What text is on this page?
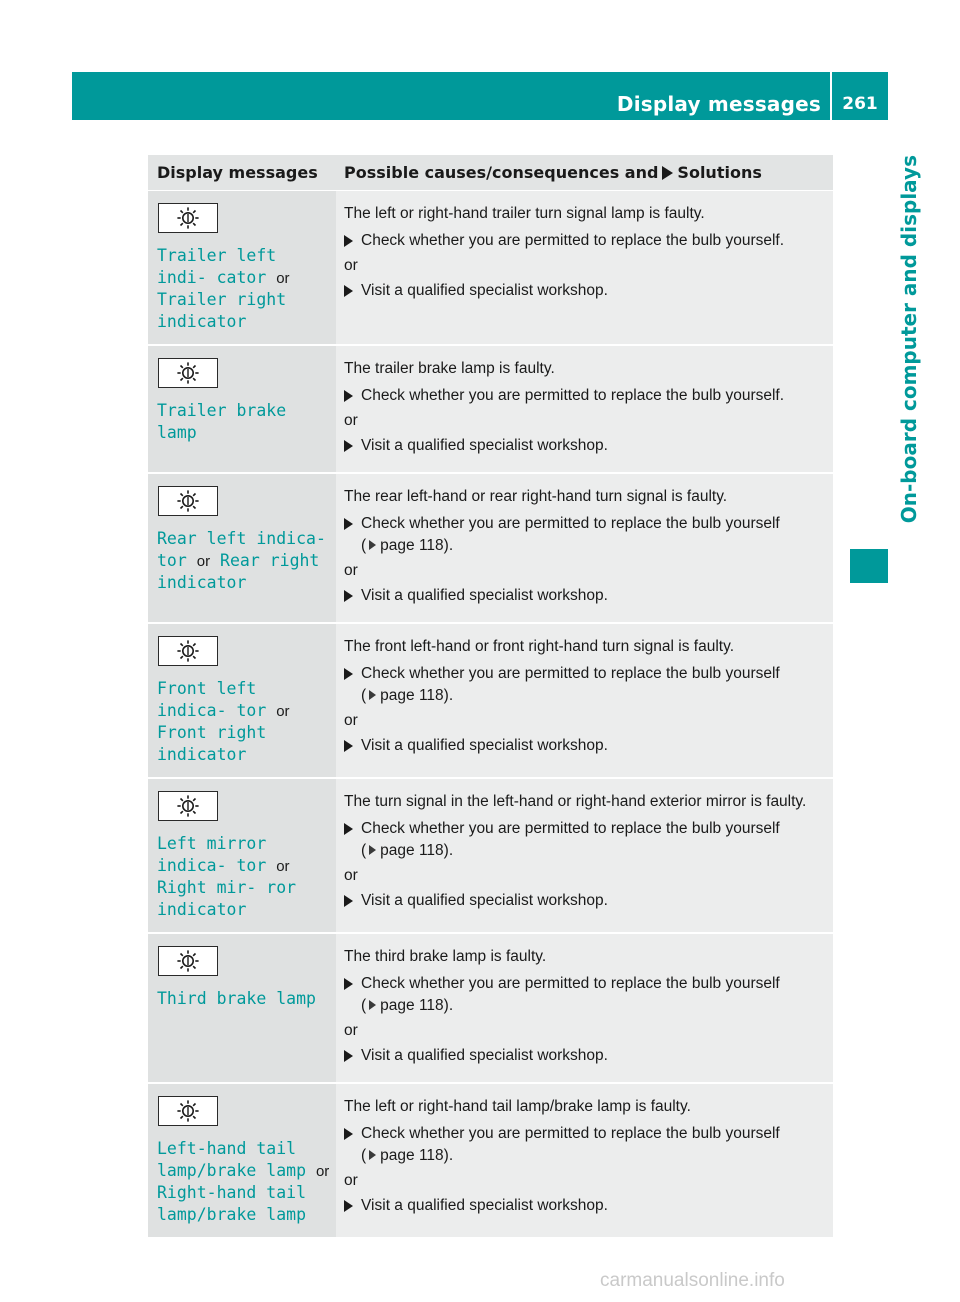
Display messages	261
On-board computer and displays
Display messages	Possible causes/consequences and Solutions
Trailer left indi- cator or Trailer right indicator
The left or right-hand trailer turn signal lamp is faulty.
Check whether you are permitted to replace the bulb yourself.
or
Visit a qualified specialist workshop.
Trailer brake lamp
The trailer brake lamp is faulty.
Check whether you are permitted to replace the bulb yourself.
or
Visit a qualified specialist workshop.
Rear left indica- tor or Rear right indicator
The rear left-hand or rear right-hand turn signal is faulty.
Check whether you are permitted to replace the bulb yourself
( page 118).
or
Visit a qualified specialist workshop.
Front left indica- tor or Front right indicator
The front left-hand or front right-hand turn signal is faulty.
Check whether you are permitted to replace the bulb yourself
( page 118).
or
Visit a qualified specialist workshop.
Left mirror indica- tor or Right mir- ror indicator
The turn signal in the left-hand or right-hand exterior mirror is faulty.
Check whether you are permitted to replace the bulb yourself
( page 118).
or
Visit a qualified specialist workshop.
Third brake lamp
The third brake lamp is faulty.
Check whether you are permitted to replace the bulb yourself
( page 118).
or
Visit a qualified specialist workshop.
Left-hand tail lamp/brake lamp or Right-hand tail lamp/brake lamp
The left or right-hand tail lamp/brake lamp is faulty.
Check whether you are permitted to replace the bulb yourself
( page 118).
or
Visit a qualified specialist workshop.
carmanualsonline.info
